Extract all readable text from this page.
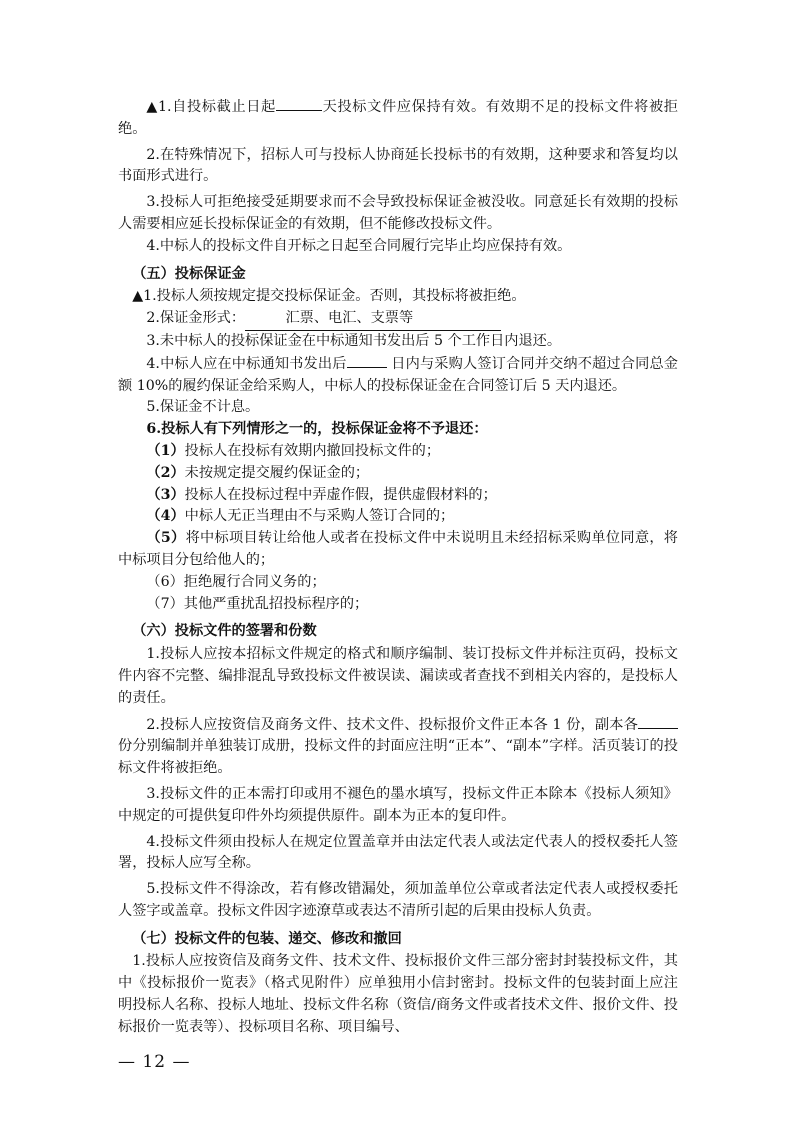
▲1.自投标截止日起	天投标文件应保持有效。有效期不足的投标文件将被拒绝。

2.在特殊情况下，招标人可与投标人协商延长投标书的有效期，这种要求和答复均以书面形式进行。

3.投标人可拒绝接受延期要求而不会导致投标保证金被没收。同意延长有效期的投标人需要相应延长投标保证金的有效期，但不能修改投标文件。

4.中标人的投标文件自开标之日起至合同履行完毕止均应保持有效。

（五）投标保证金

▲1.投标人须按规定提交投标保证金。否则，其投标将被拒绝。

2.保证金形式：	汇票、电汇、支票等

3.未中标人的投标保证金在中标通知书发出后 5 个工作日内退还。

4.中标人应在中标通知书发出后	日内与采购人签订合同并交纳不超过合同总金额 10%的履约保证金给采购人，中标人的投标保证金在合同签订后 5 天内退还。

5.保证金不计息。

6.投标人有下列情形之一的，投标保证金将不予退还：

（1）投标人在投标有效期内撤回投标文件的；

（2）未按规定提交履约保证金的；

（3）投标人在投标过程中弄虚作假，提供虚假材料的；

（4）中标人无正当理由不与采购人签订合同的；

（5）将中标项目转让给他人或者在投标文件中未说明且未经招标采购单位同意，将中标项目分包给他人的；

（6）拒绝履行合同义务的；

（7）其他严重扰乱招投标程序的；

（六）投标文件的签署和份数

1.投标人应按本招标文件规定的格式和顺序编制、装订投标文件并标注页码，投标文件内容不完整、编排混乱导致投标文件被误读、漏读或者查找不到相关内容的，是投标人的责任。

2.投标人应按资信及商务文件、技术文件、投标报价文件正本各 1 份，副本各份分别编制并单独装订成册，投标文件的封面应注明“正本”、“副本”字样。活页装订的投标文件将被拒绝。

3.投标文件的正本需打印或用不褪色的墨水填写，投标文件正本除本《投标人须知》中规定的可提供复印件外均须提供原件。副本为正本的复印件。

4.投标文件须由投标人在规定位置盖章并由法定代表人或法定代表人的授权委托人签署，投标人应写全称。

5.投标文件不得涂改，若有修改错漏处，须加盖单位公章或者法定代表人或授权委托人签字或盖章。投标文件因字迹潦草或表达不清所引起的后果由投标人负责。

（七）投标文件的包装、递交、修改和撤回

1.投标人应按资信及商务文件、技术文件、投标报价文件三部分密封封装投标文件，其中《投标报价一览表》（格式见附件）应单独用小信封密封。投标文件的包装封面上应注明投标人名称、投标人地址、投标文件名称（资信/商务文件或者技术文件、报价文件、投标报价一览表等）、投标项目名称、项目编号、

— 12 —
